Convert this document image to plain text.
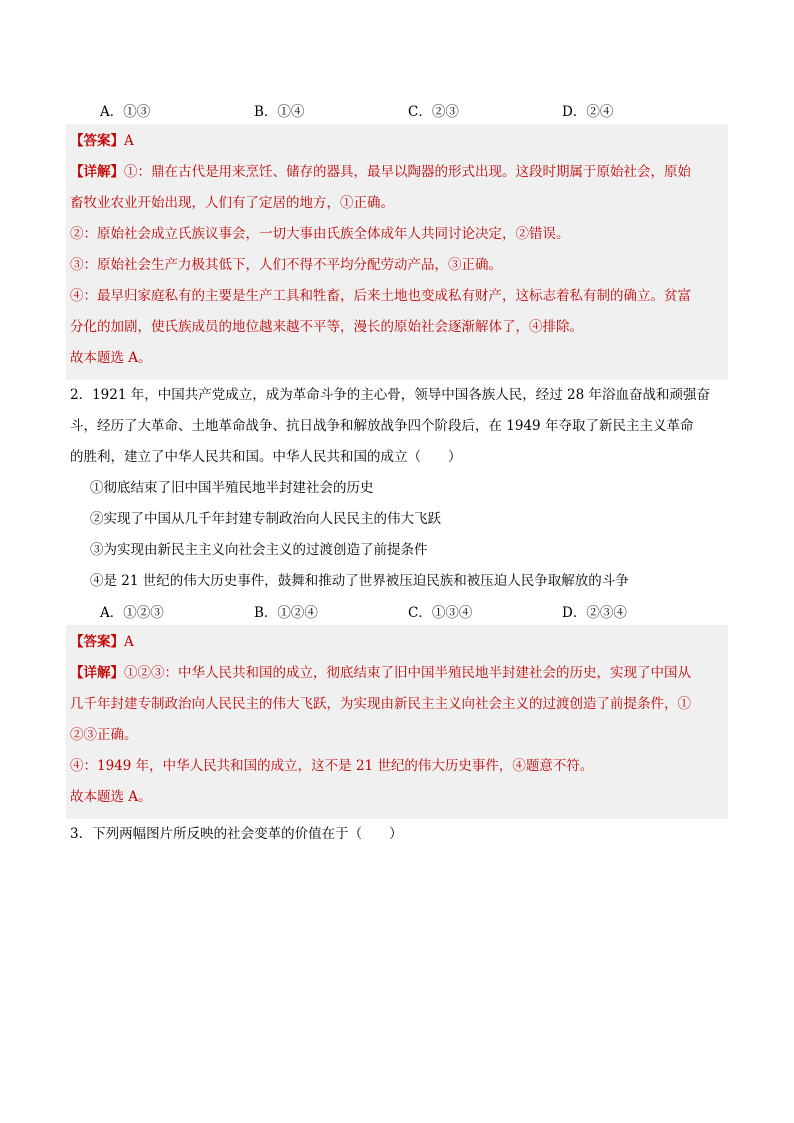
A．①③	B．①④	C．②③	D．②④
【答案】A
【详解】①：鼎在古代是用来烹饪、储存的器具，最早以陶器的形式出现。这段时期属于原始社会，原始
畜牧业农业开始出现，人们有了定居的地方，①正确。
②：原始社会成立氏族议事会，一切大事由氏族全体成年人共同讨论决定，②错误。
③：原始社会生产力极其低下，人们不得不平均分配劳动产品，③正确。
④：最早归家庭私有的主要是生产工具和牲畜，后来土地也变成私有财产，这标志着私有制的确立。贫富
分化的加剧，使氏族成员的地位越来越不平等，漫长的原始社会逐渐解体了，④排除。
故本题选 A。
2．1921 年，中国共产党成立，成为革命斗争的主心骨，领导中国各族人民，经过 28 年浴血奋战和顽强奋
斗，经历了大革命、土地革命战争、抗日战争和解放战争四个阶段后，在 1949 年夺取了新民主主义革命
的胜利，建立了中华人民共和国。中华人民共和国的成立（　　）
①彻底结束了旧中国半殖民地半封建社会的历史
②实现了中国从几千年封建专制政治向人民民主的伟大飞跃
③为实现由新民主主义向社会主义的过渡创造了前提条件
④是 21 世纪的伟大历史事件，鼓舞和推动了世界被压迫民族和被压迫人民争取解放的斗争
A．①②③	B．①②④	C．①③④	D．②③④
【答案】A
【详解】①②③：中华人民共和国的成立，彻底结束了旧中国半殖民地半封建社会的历史，实现了中国从
几千年封建专制政治向人民民主的伟大飞跃，为实现由新民主主义向社会主义的过渡创造了前提条件，①
②③正确。
④：1949 年，中华人民共和国的成立，这不是 21 世纪的伟大历史事件，④题意不符。
故本题选 A。
3．下列两幅图片所反映的社会变革的价值在于（　　）
